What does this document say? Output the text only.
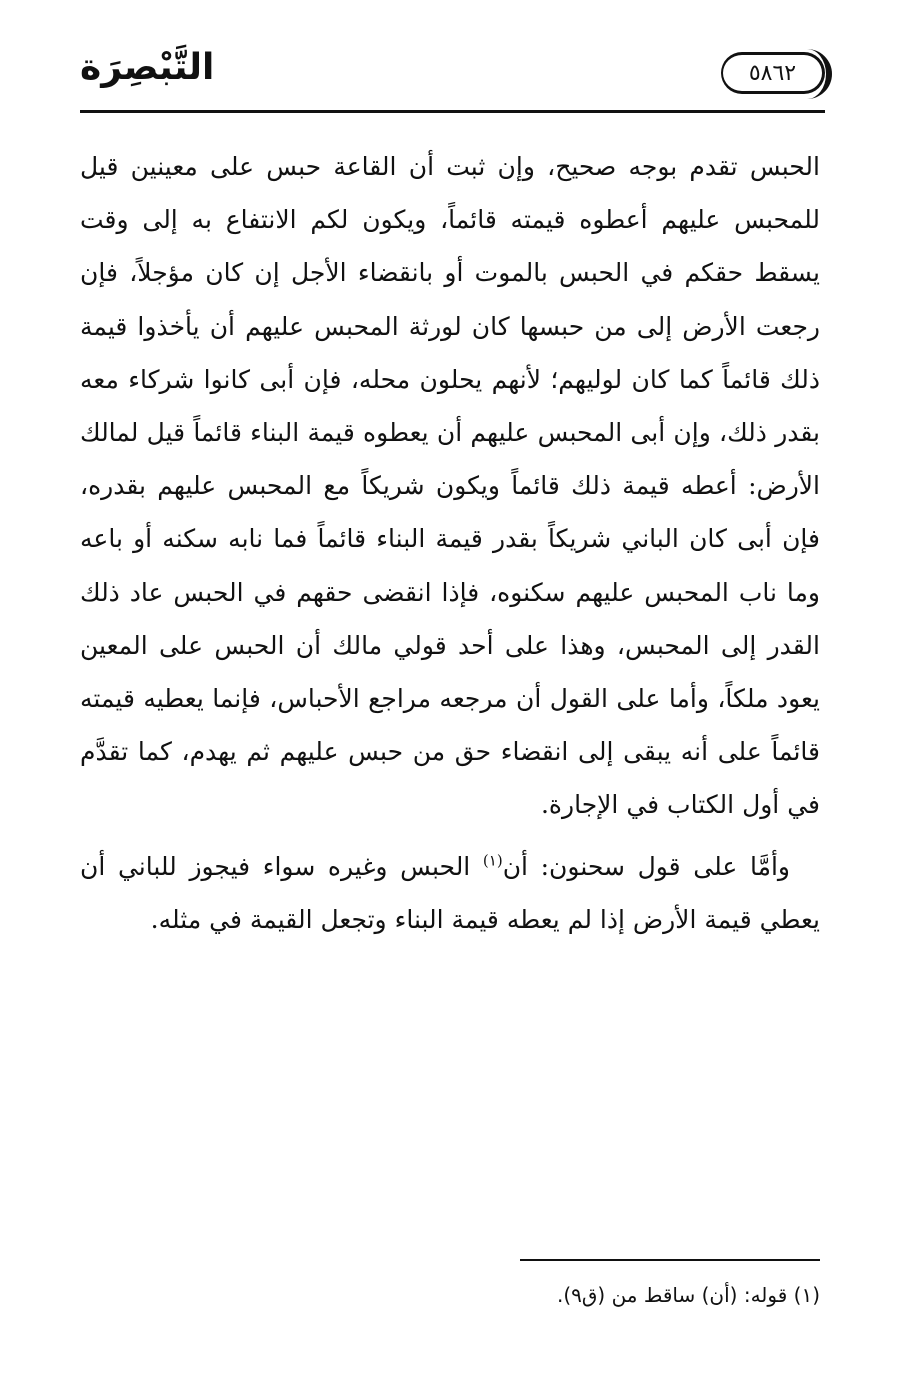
التَّبْصِرَة	٥٨٦٢

الحبس تقدم بوجه صحيح، وإن ثبت أن القاعة حبس على معينين قيل للمحبس عليهم أعطوه قيمته قائماً، ويكون لكم الانتفاع به إلى وقت يسقط حقكم في الحبس بالموت أو بانقضاء الأجل إن كان مؤجلاً، فإن رجعت الأرض إلى من حبسها كان لورثة المحبس عليهم أن يأخذوا قيمة ذلك قائماً كما كان لوليهم؛ لأنهم يحلون محله، فإن أبى كانوا شركاء معه بقدر ذلك، وإن أبى المحبس عليهم أن يعطوه قيمة البناء قائماً قيل لمالك الأرض: أعطه قيمة ذلك قائماً ويكون شريكاً مع المحبس عليهم بقدره، فإن أبى كان الباني شريكاً بقدر قيمة البناء قائماً فما نابه سكنه أو باعه وما ناب المحبس عليهم سكنوه، فإذا انقضى حقهم في الحبس عاد ذلك القدر إلى المحبس، وهذا على أحد قولي مالك أن الحبس على المعين يعود ملكاً، وأما على القول أن مرجعه مراجع الأحباس، فإنما يعطيه قيمته قائماً على أنه يبقى إلى انقضاء حق من حبس عليهم ثم يهدم، كما تقدَّم في أول الكتاب في الإجارة.

وأمَّا على قول سحنون: أن$^{(١)}$ الحبس وغيره سواء فيجوز للباني أن يعطي قيمة الأرض إذا لم يعطه قيمة البناء وتجعل القيمة في مثله.

(١) قوله: (أن) ساقط من (ق٩).
